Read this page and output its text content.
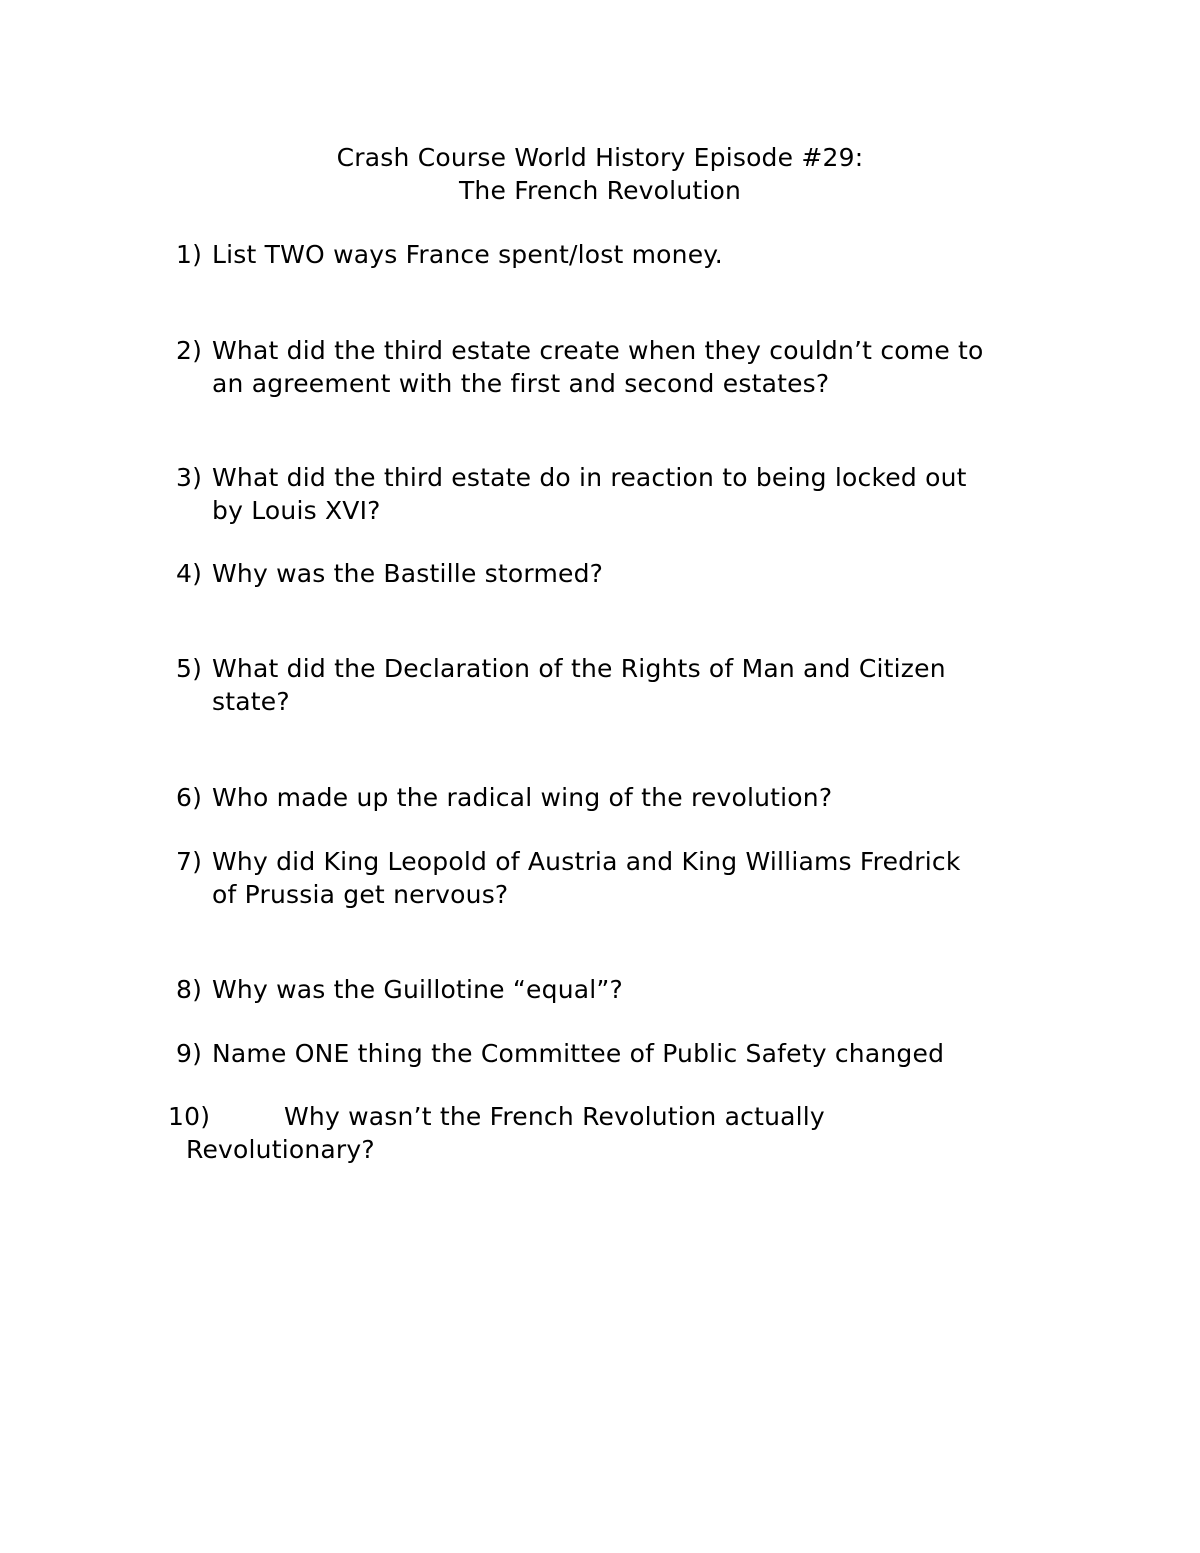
Crash Course World History Episode #29:
The French Revolution
1) List TWO ways France spent/lost money.
2) What did the third estate create when they couldn’t come to
an agreement with the first and second estates?
3) What did the third estate do in reaction to being locked out
by Louis XVI?
4) Why was the Bastille stormed?
5) What did the Declaration of the Rights of Man and Citizen
state?
6) Who made up the radical wing of the revolution?
7) Why did King Leopold of Austria and King Williams Fredrick
of Prussia get nervous?
8) Why was the Guillotine “equal”?
9) Name ONE thing the Committee of Public Safety changed
10)	Why wasn’t the French Revolution actually
Revolutionary?
